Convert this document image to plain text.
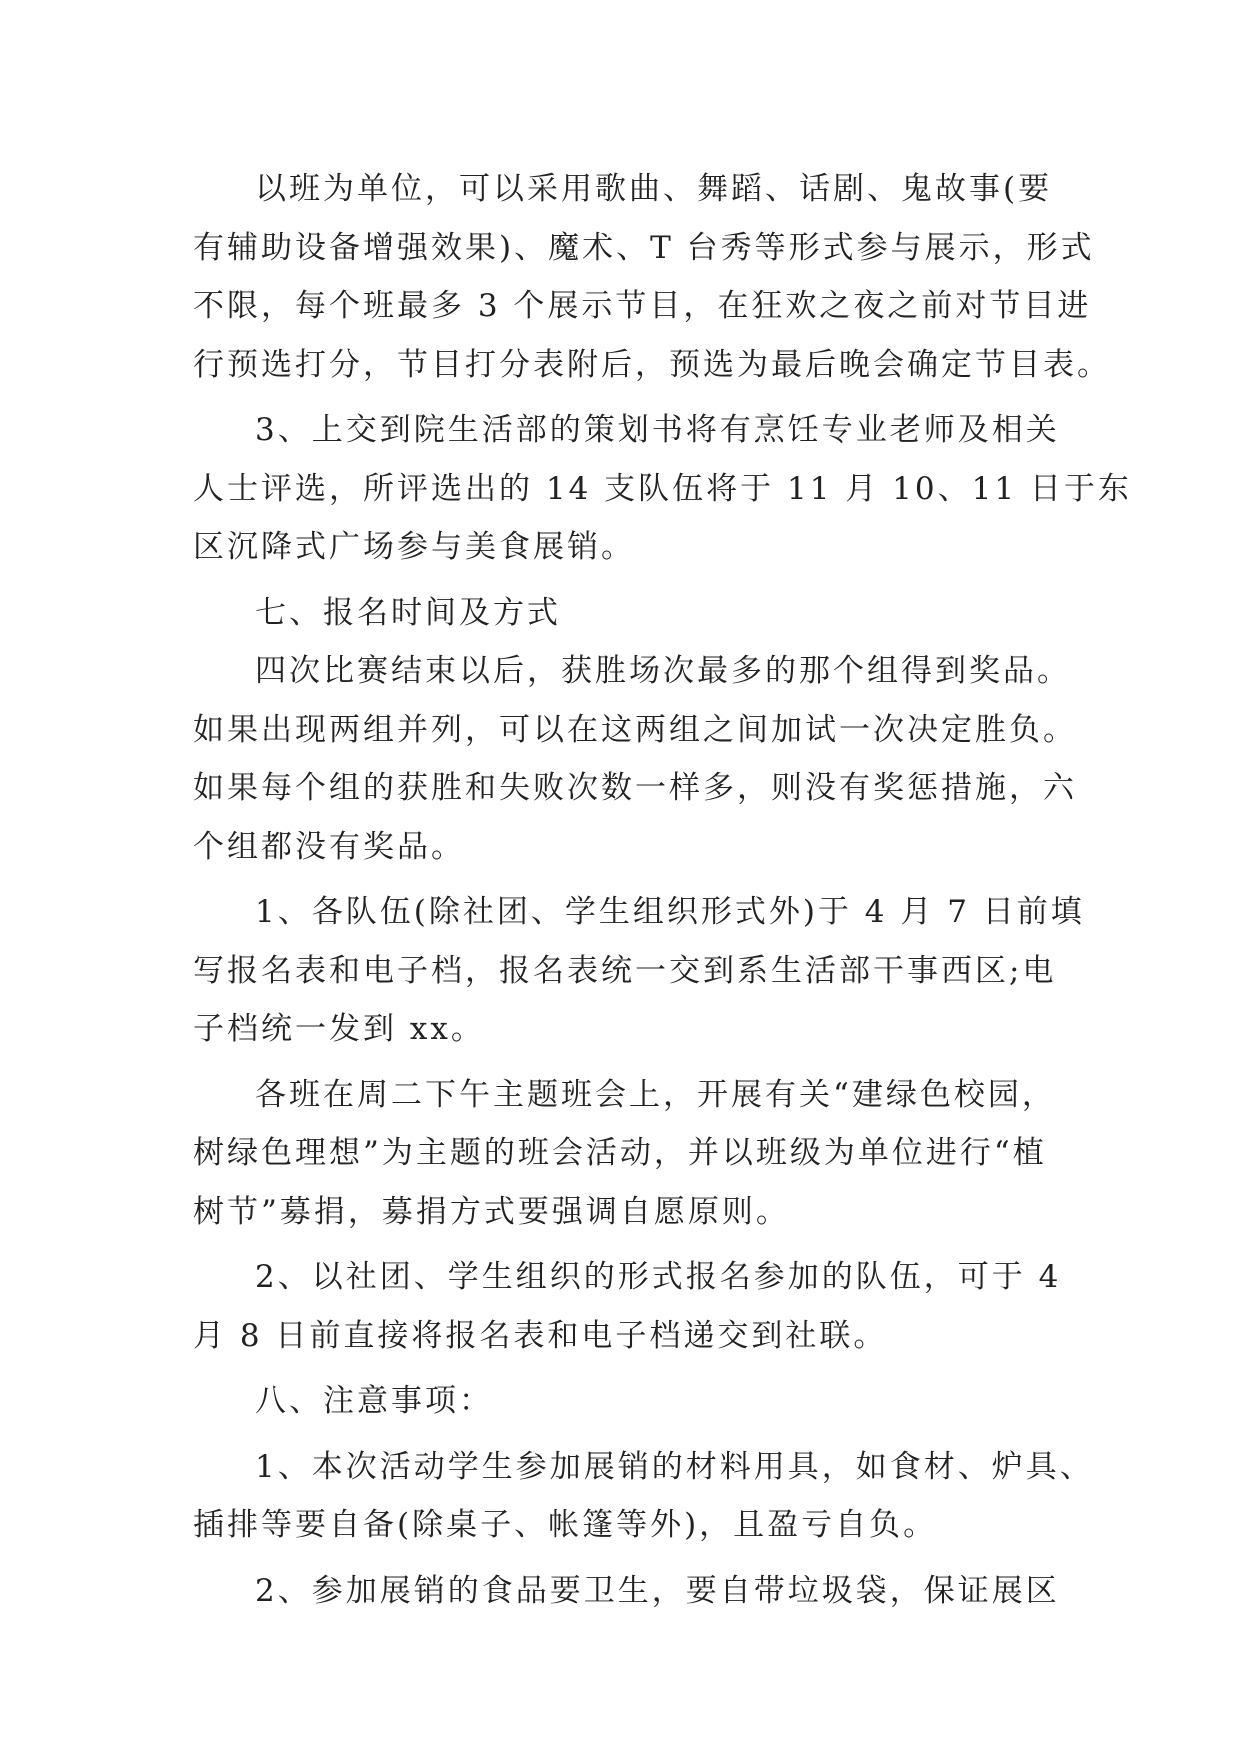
以班为单位，可以采用歌曲、舞蹈、话剧、鬼故事(要
有辅助设备增强效果)、魔术、T 台秀等形式参与展示，形式
不限，每个班最多 3 个展示节目，在狂欢之夜之前对节目进
行预选打分，节目打分表附后，预选为最后晚会确定节目表。
3、上交到院生活部的策划书将有烹饪专业老师及相关
人士评选，所评选出的 14 支队伍将于 11 月 10、11 日于东
区沉降式广场参与美食展销。
七、报名时间及方式
四次比赛结束以后，获胜场次最多的那个组得到奖品。
如果出现两组并列，可以在这两组之间加试一次决定胜负。
如果每个组的获胜和失败次数一样多，则没有奖惩措施，六
个组都没有奖品。
1、各队伍(除社团、学生组织形式外)于 4 月 7 日前填
写报名表和电子档，报名表统一交到系生活部干事西区;电
子档统一发到 xx。
各班在周二下午主题班会上，开展有关“建绿色校园，
树绿色理想”为主题的班会活动，并以班级为单位进行“植
树节”募捐，募捐方式要强调自愿原则。
2、以社团、学生组织的形式报名参加的队伍，可于 4
月 8 日前直接将报名表和电子档递交到社联。
八、注意事项：
1、本次活动学生参加展销的材料用具，如食材、炉具、
插排等要自备(除桌子、帐篷等外)，且盈亏自负。
2、参加展销的食品要卫生，要自带垃圾袋，保证展区
